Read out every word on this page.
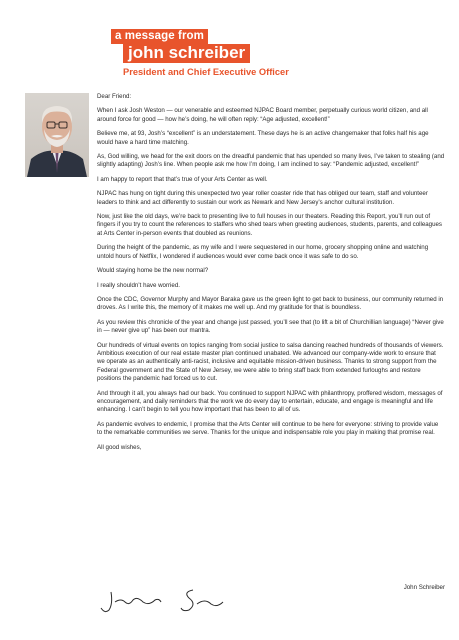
a message from
john schreiber
President and Chief Executive Officer

Dear Friend:

When I ask Josh Weston — our venerable and esteemed NJPAC Board member, perpetually curious world citizen, and all around force for good — how he’s doing, he will often reply: “Age adjusted, excellent!”

Believe me, at 93, Josh’s “excellent” is an understatement. These days he is an active changemaker that folks half his age would have a hard time matching.

As, God willing, we head for the exit doors on the dreadful pandemic that has upended so many lives, I’ve taken to stealing (and slightly adapting) Josh’s line. When people ask me how I’m doing, I am inclined to say: “Pandemic adjusted, excellent!”

I am happy to report that that’s true of your Arts Center as well.

NJPAC has hung on tight during this unexpected two year roller coaster ride that has obliged our team, staff and volunteer leaders to think and act differently to sustain our work as Newark and New Jersey’s anchor cultural institution.

Now, just like the old days, we’re back to presenting live to full houses in our theaters. Reading this Report, you’ll run out of fingers if you try to count the references to staffers who shed tears when greeting audiences, students, parents, and colleagues at Arts Center in-person events that doubled as reunions.

During the height of the pandemic, as my wife and I were sequestered in our home, grocery shopping online and watching untold hours of Netflix, I wondered if audiences would ever come back once it was safe to do so.

Would staying home be the new normal?

I really shouldn’t have worried.

Once the CDC, Governor Murphy and Mayor Baraka gave us the green light to get back to business, our community returned in droves. As I write this, the memory of it makes me well up. And my gratitude for that is boundless.

As you review this chronicle of the year and change just passed, you’ll see that (to lift a bit of Churchillian language) “Never give in — never give up” has been our mantra.

Our hundreds of virtual events on topics ranging from social justice to salsa dancing reached hundreds of thousands of viewers. Ambitious execution of our real estate master plan continued unabated. We advanced our company-wide work to ensure that we operate as an authentically anti-racist, inclusive and equitable mission-driven business. Thanks to strong support from the Federal government and the State of New Jersey, we were able to bring staff back from extended furloughs and restore positions the pandemic had forced us to cut.

And through it all, you always had our back. You continued to support NJPAC with philanthropy, proffered wisdom, messages of encouragement, and daily reminders that the work we do every day to entertain, educate, and engage is meaningful and life enhancing. I can’t begin to tell you how important that has been to all of us.

As pandemic evolves to endemic, I promise that the Arts Center will continue to be here for everyone: striving to provide value to the remarkable communities we serve. Thanks for the unique and indispensable role you play in making that promise real.

All good wishes,

John Schreiber
